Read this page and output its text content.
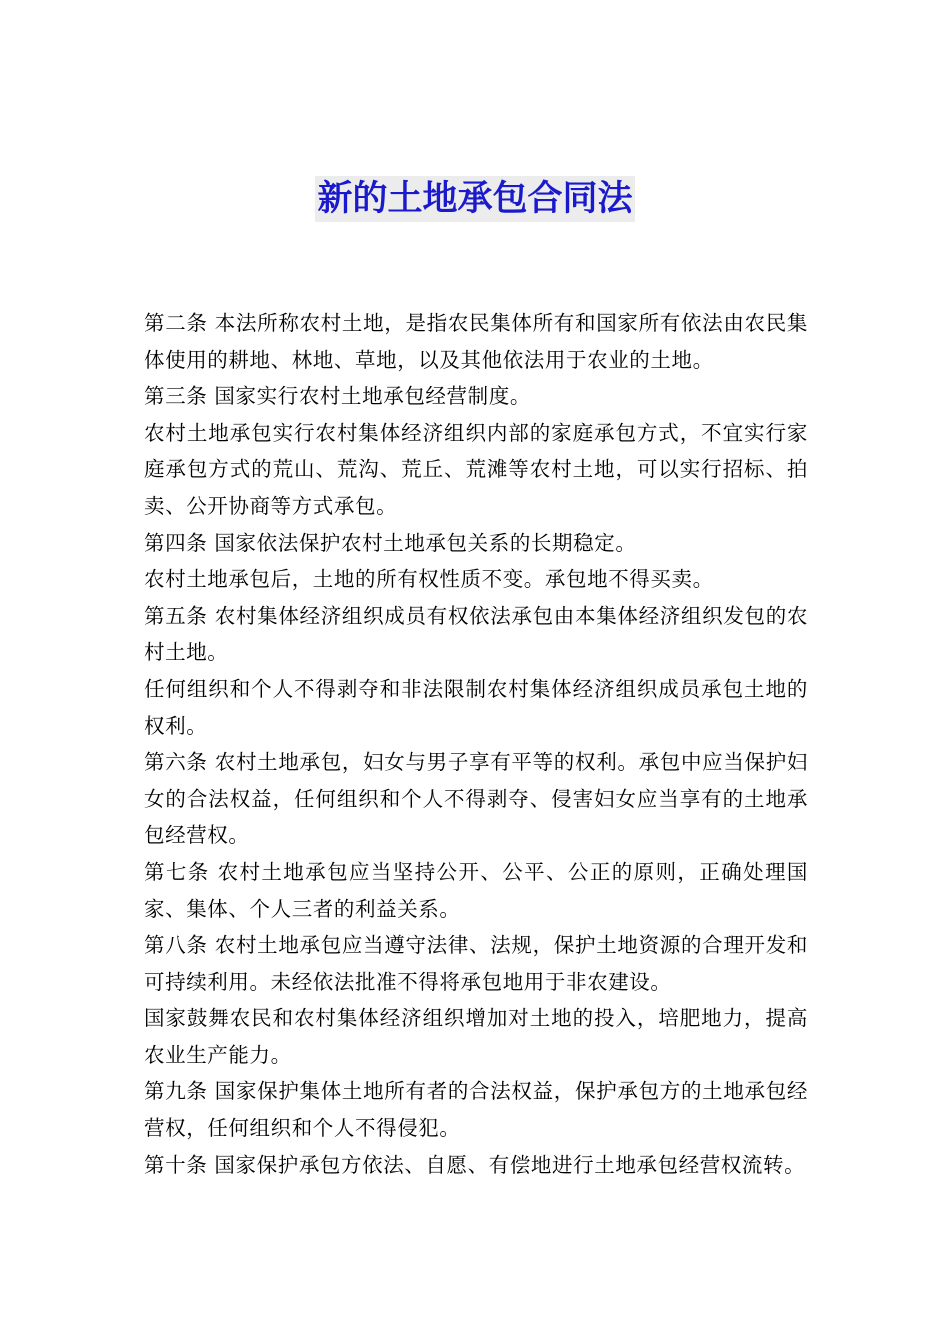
新的土地承包合同法

第二条 本法所称农村土地，是指农民集体所有和国家所有依法由农民集体使用的耕地、林地、草地，以及其他依法用于农业的土地。

第三条 国家实行农村土地承包经营制度。

农村土地承包实行农村集体经济组织内部的家庭承包方式，不宜实行家庭承包方式的荒山、荒沟、荒丘、荒滩等农村土地，可以实行招标、拍卖、公开协商等方式承包。

第四条 国家依法保护农村土地承包关系的长期稳定。

农村土地承包后，土地的所有权性质不变。承包地不得买卖。

第五条 农村集体经济组织成员有权依法承包由本集体经济组织发包的农村土地。

任何组织和个人不得剥夺和非法限制农村集体经济组织成员承包土地的权利。

第六条 农村土地承包，妇女与男子享有平等的权利。承包中应当保护妇女的合法权益，任何组织和个人不得剥夺、侵害妇女应当享有的土地承包经营权。

第七条 农村土地承包应当坚持公开、公平、公正的原则，正确处理国家、集体、个人三者的利益关系。

第八条 农村土地承包应当遵守法律、法规，保护土地资源的合理开发和可持续利用。未经依法批准不得将承包地用于非农建设。

国家鼓舞农民和农村集体经济组织增加对土地的投入，培肥地力，提高农业生产能力。

第九条 国家保护集体土地所有者的合法权益，保护承包方的土地承包经营权，任何组织和个人不得侵犯。

第十条 国家保护承包方依法、自愿、有偿地进行土地承包经营权流转。
